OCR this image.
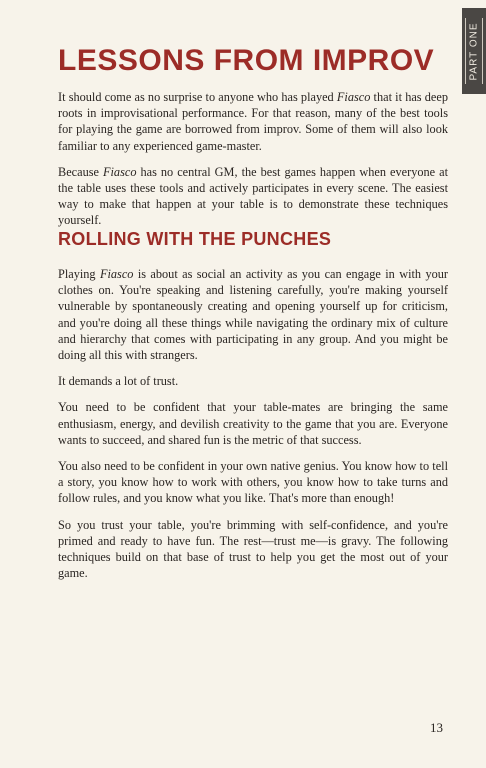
PART ONE
LESSONS FROM IMPROV

It should come as no surprise to anyone who has played Fiasco that it has deep roots in improvisational performance. For that reason, many of the best tools for playing the game are borrowed from improv. Some of them will also look familiar to any experienced game-master.

Because Fiasco has no central GM, the best games happen when everyone at the table uses these tools and actively participates in every scene. The easiest way to make that happen at your table is to demonstrate these techniques yourself.

ROLLING WITH THE PUNCHES

Playing Fiasco is about as social an activity as you can engage in with your clothes on. You're speaking and listening carefully, you're making yourself vulnerable by spontaneously creating and opening yourself up for criticism, and you're doing all these things while navigating the ordinary mix of culture and hierarchy that comes with participating in any group. And you might be doing all this with strangers.

It demands a lot of trust.

You need to be confident that your table-mates are bringing the same enthusiasm, energy, and devilish creativity to the game that you are. Everyone wants to succeed, and shared fun is the metric of that success.

You also need to be confident in your own native genius. You know how to tell a story, you know how to work with others, you know how to take turns and follow rules, and you know what you like. That's more than enough!

So you trust your table, you're brimming with self-confidence, and you're primed and ready to have fun. The rest—trust me—is gravy. The following techniques build on that base of trust to help you get the most out of your game.

13
